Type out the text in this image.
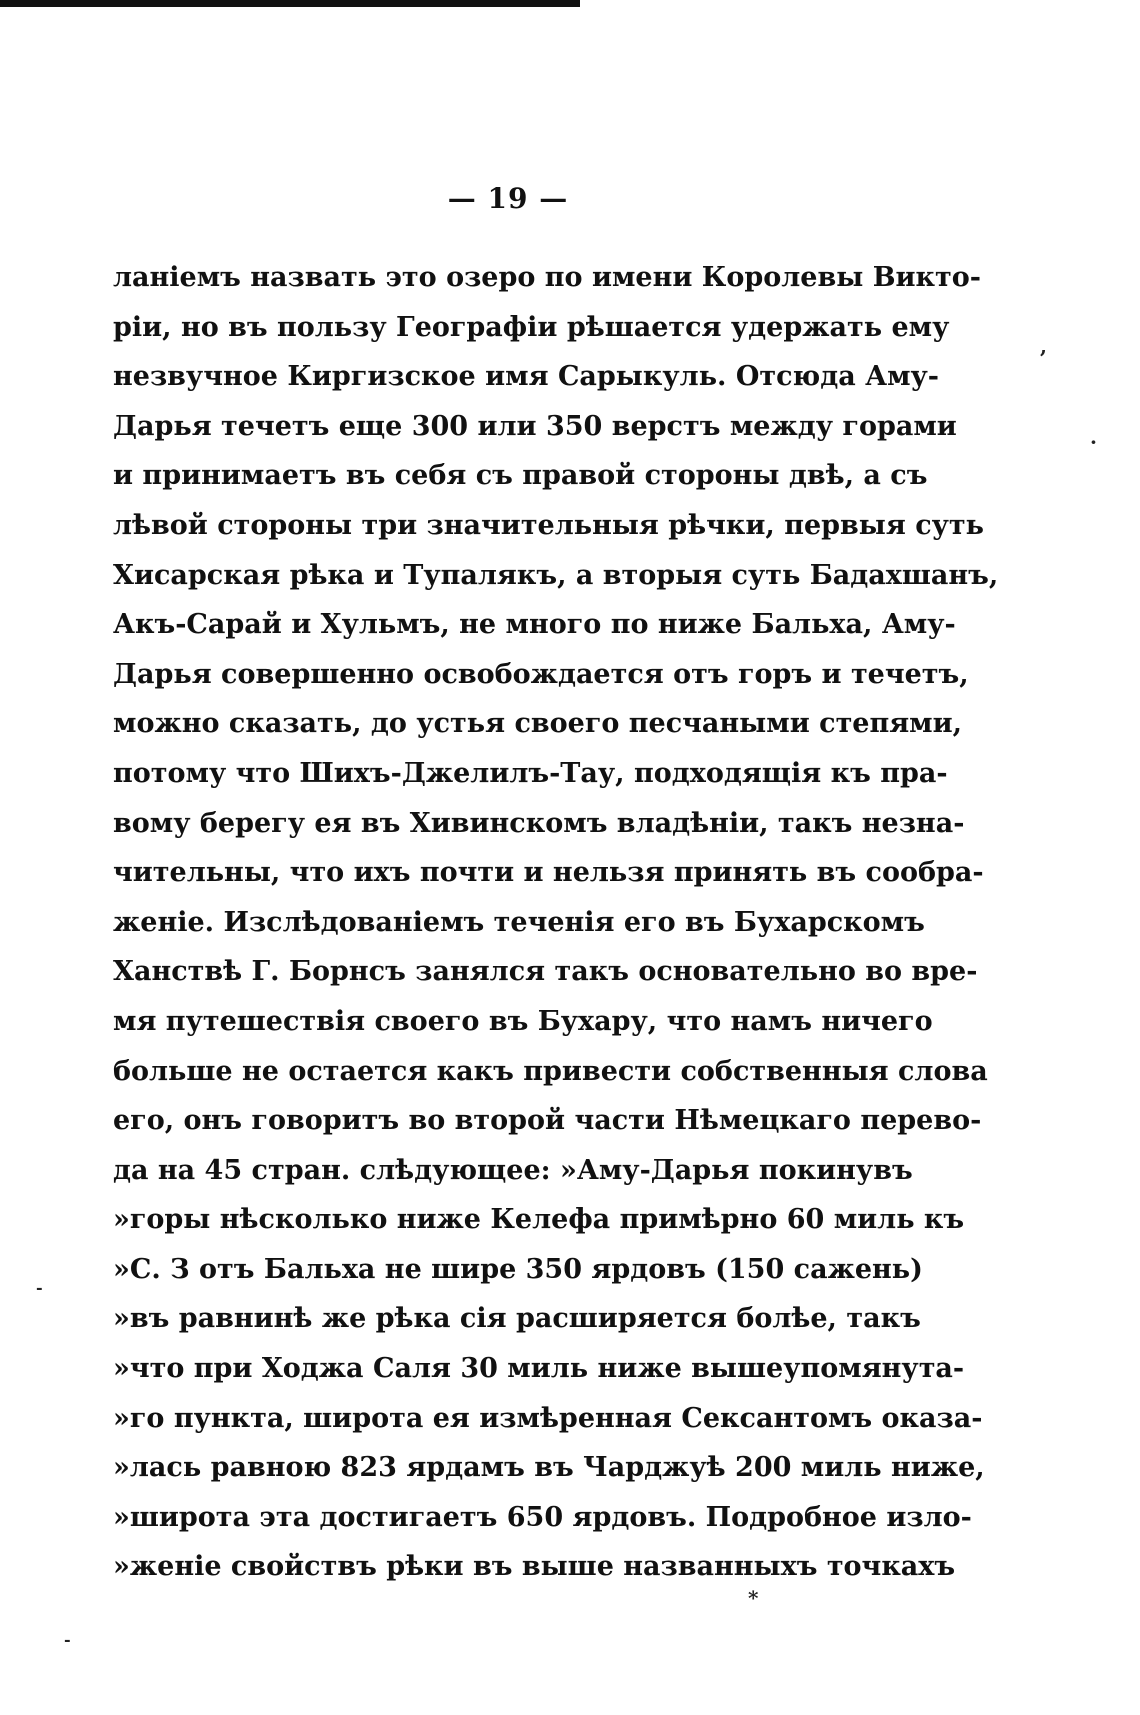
— 19 —
ланіемъ назвать это озеро по имени Королевы Викто-
ріи, но въ пользу Географіи рѣшается удержать ему
незвучное Киргизское имя Сарыкуль. Отсюда Аму-
Дарья течетъ еще 300 или 350 верстъ между горами
и принимаетъ въ себя съ правой стороны двѣ, а съ
лѣвой стороны три значительныя рѣчки, первыя суть
Хисарская рѣка и Тупалякъ, а вторыя суть Бадахшанъ,
Акъ-Сарай и Хульмъ, не много по ниже Бальха, Аму-
Дарья совершенно освобождается отъ горъ и течетъ,
можно сказать, до устья своего песчаными степями,
потому что Шихъ-Джелилъ-Тау, подходящія къ пра-
вому берегу ея въ Хивинскомъ владѣніи, такъ незна-
чительны, что ихъ почти и нельзя принять въ сообра-
женіе. Изслѣдованіемъ теченія его въ Бухарскомъ
Ханствѣ Г. Борнсъ занялся такъ основательно во вре-
мя путешествія своего въ Бухару, что намъ ничего
больше не остается какъ привести собственныя слова
его, онъ говоритъ во второй части Нѣмецкаго перево-
да на 45 стран. слѣдующее: »Аму-Дарья покинувъ
»горы нѣсколько ниже Келефа примѣрно 60 миль къ
»С. З отъ Бальха не шире 350 ярдовъ (150 сажень)
»въ равнинѣ же рѣка сія расширяется болѣе, такъ
»что при Ходжа Саля 30 миль ниже вышеупомянута-
»го пункта, широта ея измѣренная Сексантомъ оказа-
»лась равною 823 ярдамъ въ Чарджуѣ 200 миль ниже,
»широта эта достигаетъ 650 ярдовъ. Подробное изло-
»женіе свойствъ рѣки въ выше названныхъ точкахъ
,
·
-
*
-
